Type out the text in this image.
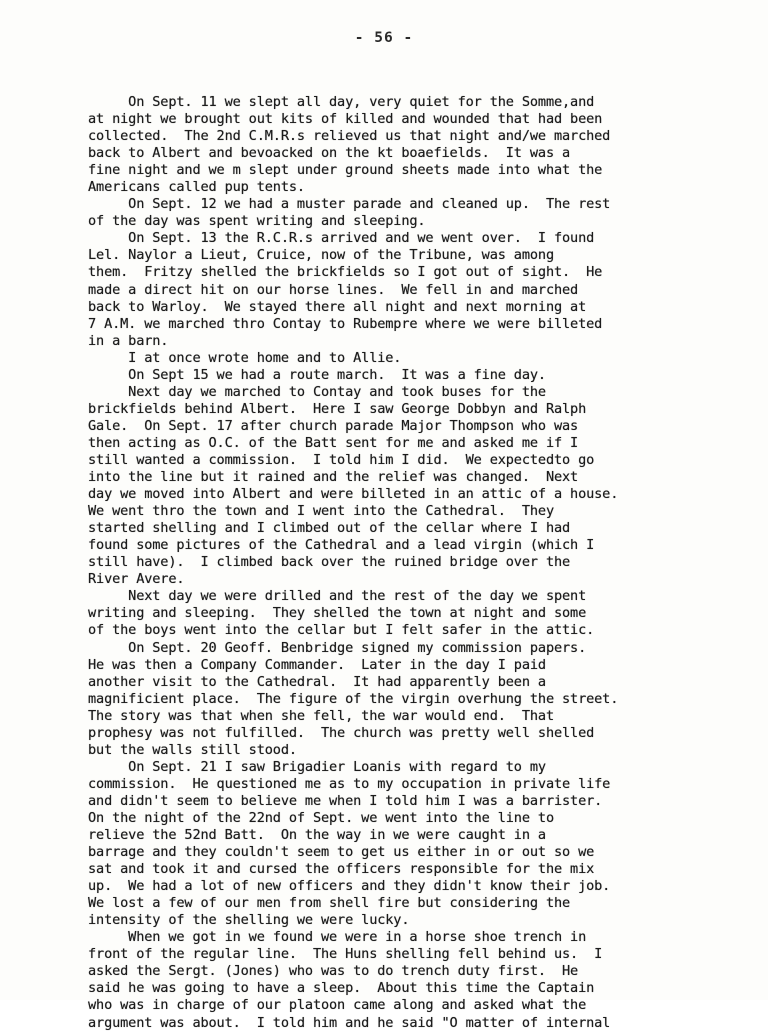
- 56 -
On Sept. 11 we slept all day, very quiet for the Somme,and
at night we brought out kits of killed and wounded that had been
collected.  The 2nd C.M.R.s relieved us that night and/we marched
back to Albert and bevoacked on the kt boaefields.  It was a
fine night and we m slept under ground sheets made into what the
Americans called pup tents.
On Sept. 12 we had a muster parade and cleaned up.  The rest
of the day was spent writing and sleeping.
On Sept. 13 the R.C.R.s arrived and we went over.  I found
Lel. Naylor a Lieut, Cruice, now of the Tribune, was among
them.  Fritzy shelled the brickfields so I got out of sight.  He
made a direct hit on our horse lines.  We fell in and marched
back to Warloy.  We stayed there all night and next morning at
7 A.M. we marched thro Contay to Rubempre where we were billeted
in a barn.
I at once wrote home and to Allie.
On Sept 15 we had a route march.  It was a fine day.
Next day we marched to Contay and took buses for the
brickfields behind Albert.  Here I saw George Dobbyn and Ralph
Gale.  On Sept. 17 after church parade Major Thompson who was
then acting as O.C. of the Batt sent for me and asked me if I
still wanted a commission.  I told him I did.  We expectedto go
into the line but it rained and the relief was changed.  Next
day we moved into Albert and were billeted in an attic of a house.
We went thro the town and I went into the Cathedral.  They
started shelling and I climbed out of the cellar where I had
found some pictures of the Cathedral and a lead virgin (which I
still have).  I climbed back over the ruined bridge over the
River Avere.
Next day we were drilled and the rest of the day we spent
writing and sleeping.  They shelled the town at night and some
of the boys went into the cellar but I felt safer in the attic.
On Sept. 20 Geoff. Benbridge signed my commission papers.
He was then a Company Commander.  Later in the day I paid
another visit to the Cathedral.  It had apparently been a
magnificient place.  The figure of the virgin overhung the street.
The story was that when she fell, the war would end.  That
prophesy was not fulfilled.  The church was pretty well shelled
but the walls still stood.
On Sept. 21 I saw Brigadier Loanis with regard to my
commission.  He questioned me as to my occupation in private life
and didn't seem to believe me when I told him I was a barrister.
On the night of the 22nd of Sept. we went into the line to
relieve the 52nd Batt.  On the way in we were caught in a
barrage and they couldn't seem to get us either in or out so we
sat and took it and cursed the officers responsible for the mix
up.  We had a lot of new officers and they didn't know their job.
We lost a few of our men from shell fire but considering the
intensity of the shelling we were lucky.
When we got in we found we were in a horse shoe trench in
front of the regular line.  The Huns shelling fell behind us.  I
asked the Sergt. (Jones) who was to do trench duty first.  He
said he was going to have a sleep.  About this time the Captain
who was in charge of our platoon came along and asked what the
argument was about.  I told him and he said "O matter of internal
